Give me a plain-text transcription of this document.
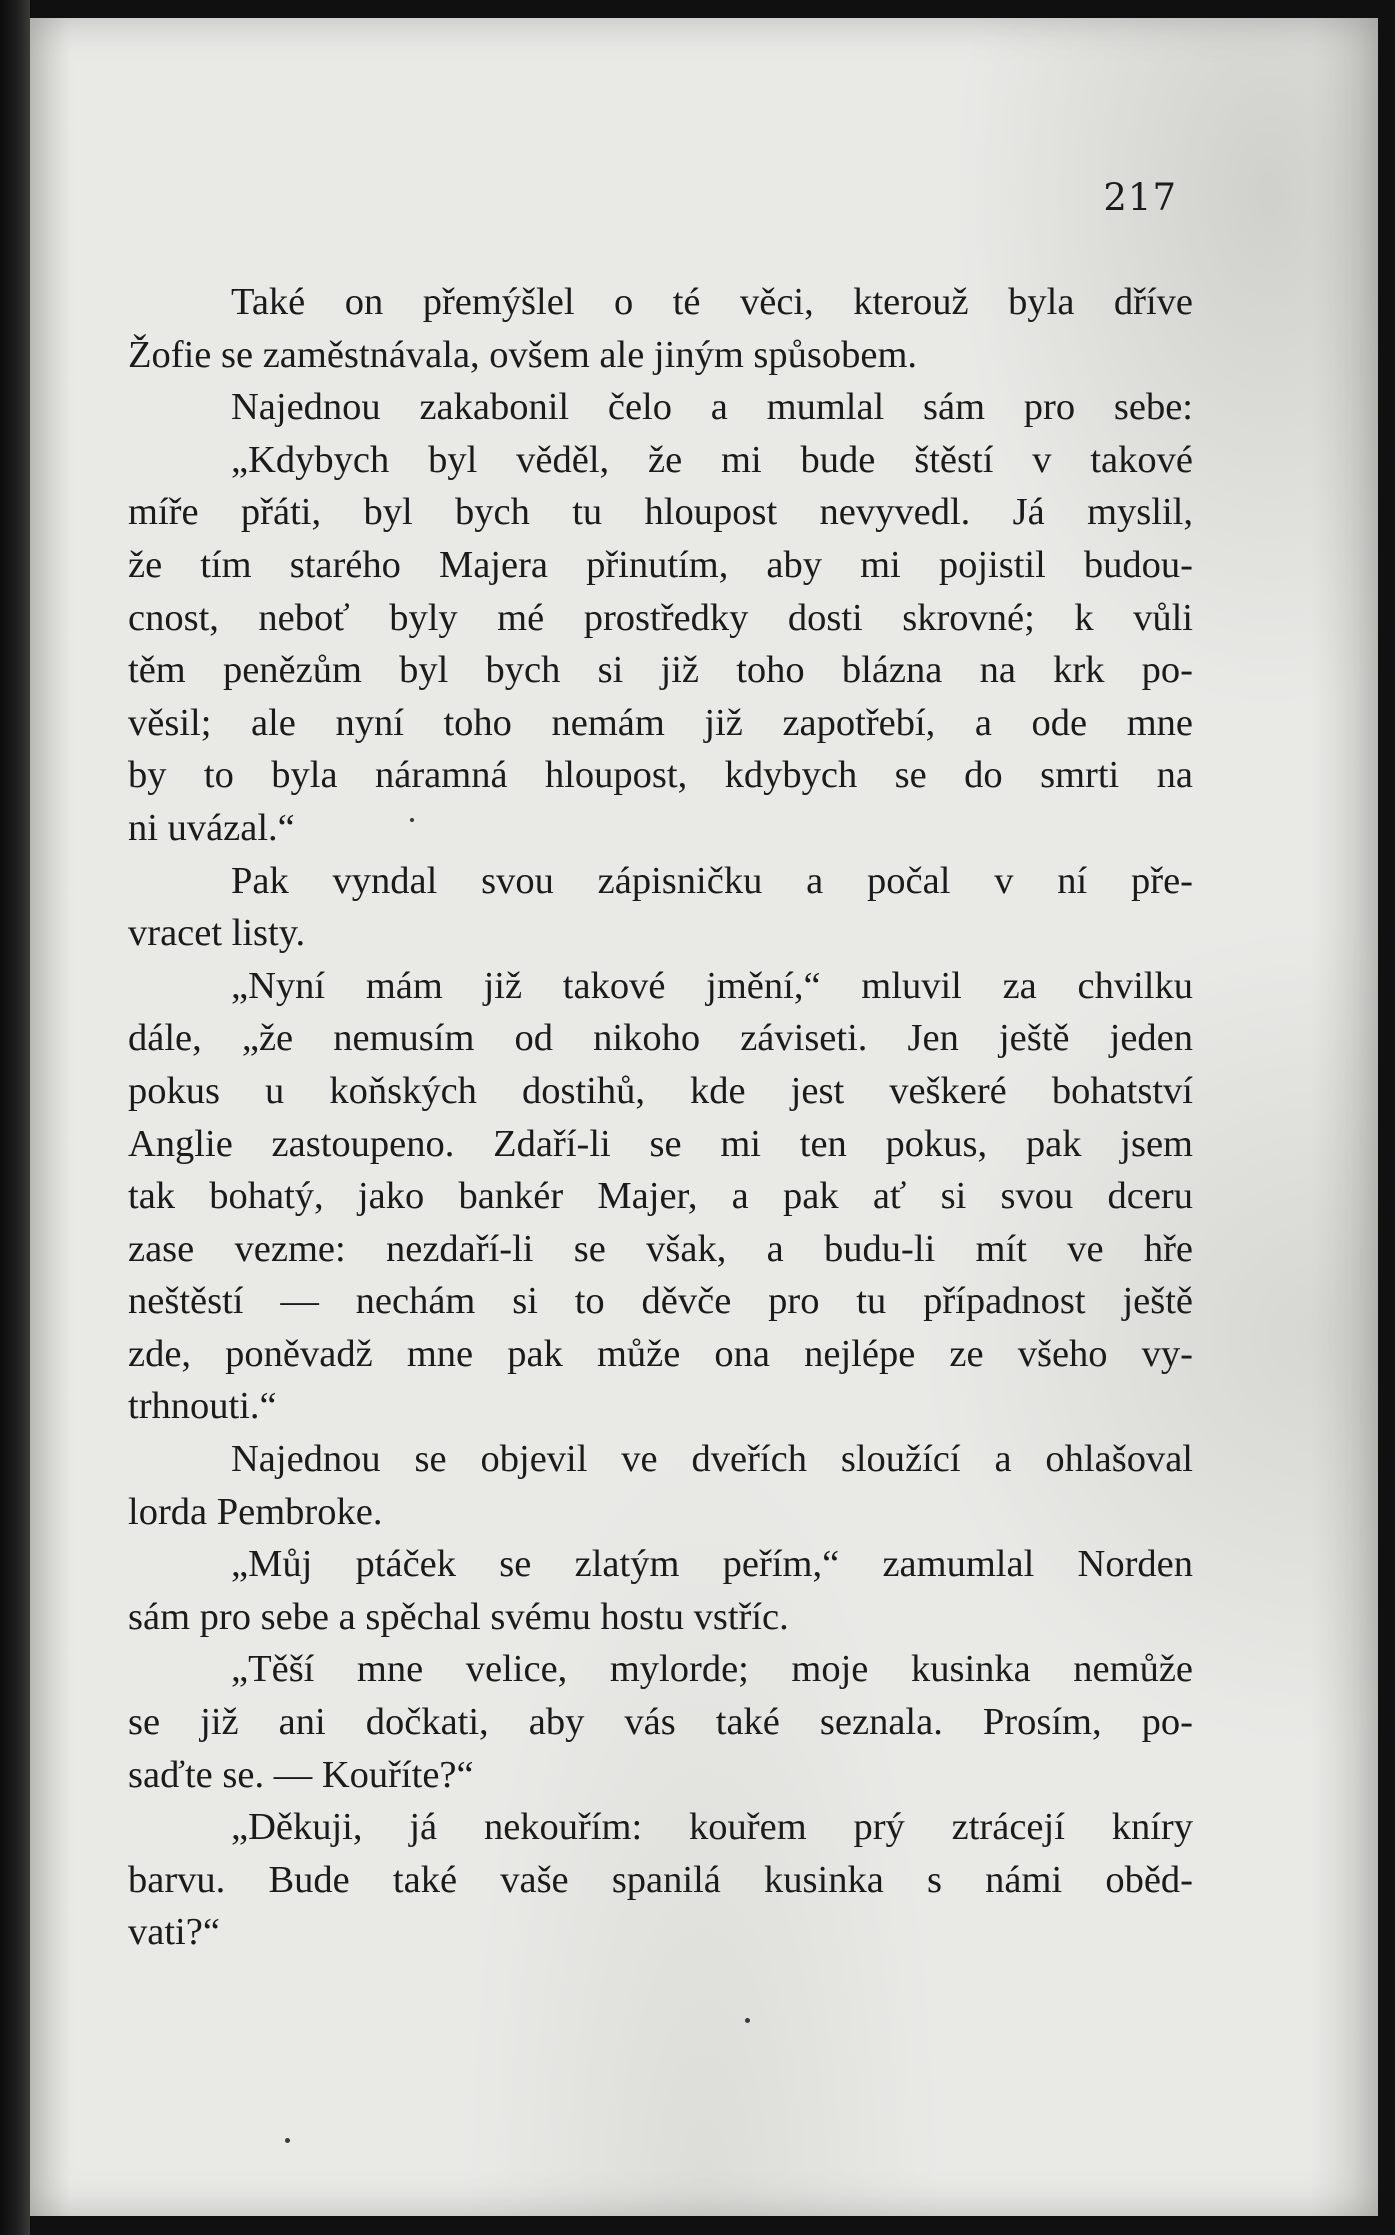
217
Také on přemýšlel o té věci, kterouž byla dříve
Žofie se zaměstnávala, ovšem ale jiným spůsobem.
Najednou zakabonil čelo a mumlal sám pro sebe:
„Kdybych byl věděl, že mi bude štěstí v takové
míře přáti, byl bych tu hloupost nevyvedl. Já myslil,
že tím starého Majera přinutím, aby mi pojistil budou-
cnost, neboť byly mé prostředky dosti skrovné; k vůli
těm penězům byl bych si již toho blázna na krk po-
věsil; ale nyní toho nemám již zapotřebí, a ode mne
by to byla náramná hloupost, kdybych se do smrti na
ni uvázal.“
Pak vyndal svou zápisničku a počal v ní pře-
vracet listy.
„Nyní mám již takové jmění,“ mluvil za chvilku
dále, „že nemusím od nikoho záviseti. Jen ještě jeden
pokus u koňských dostihů, kde jest veškeré bohatství
Anglie zastoupeno. Zdaří-li se mi ten pokus, pak jsem
tak bohatý, jako bankér Majer, a pak ať si svou dceru
zase vezme: nezdaří-li se však, a budu-li mít ve hře
neštěstí — nechám si to děvče pro tu případnost ještě
zde, poněvadž mne pak může ona nejlépe ze všeho vy-
trhnouti.“
Najednou se objevil ve dveřích sloužící a ohlašoval
lorda Pembroke.
„Můj ptáček se zlatým peřím,“ zamumlal Norden
sám pro sebe a spěchal svému hostu vstříc.
„Těší mne velice, mylorde; moje kusinka nemůže
se již ani dočkati, aby vás také seznala. Prosím, po-
saďte se. — Kouříte?“
„Děkuji, já nekouřím: kouřem prý ztrácejí kníry
barvu. Bude také vaše spanilá kusinka s námi oběd-
vati?“
